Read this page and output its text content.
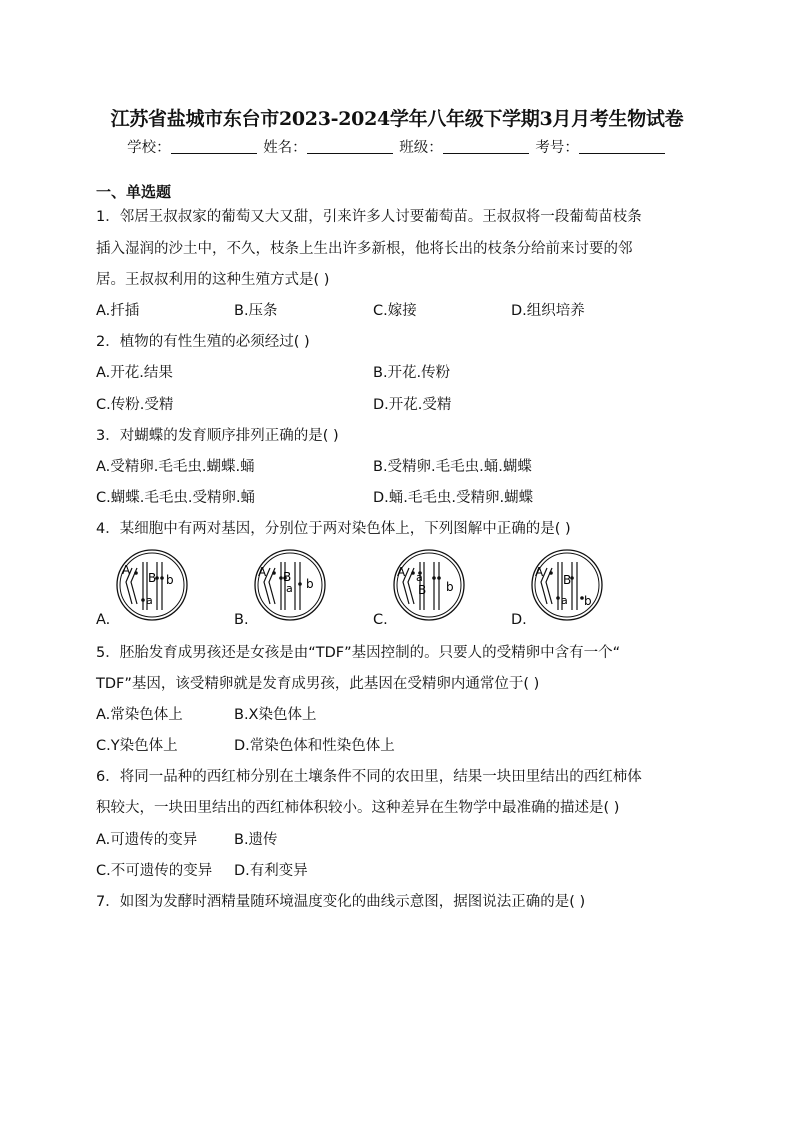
江苏省盐城市东台市2023-2024学年八年级下学期3月月考生物试卷
学校：	姓名：	班级：	考号：
一、单选题
1．邻居王叔叔家的葡萄又大又甜，引来许多人讨要葡萄苗。王叔叔将一段葡萄苗枝条
插入湿润的沙土中，不久，枝条上生出许多新根，他将长出的枝条分给前来讨要的邻
居。王叔叔利用的这种生殖方式是( )
A.扦插	B.压条	C.嫁接	D.组织培养
2．植物的有性生殖的必须经过( )
A.开花.结果	B.开花.传粉
C.传粉.受精	D.开花.受精
3．对蝴蝶的发育顺序排列正确的是( )
A.受精卵.毛毛虫.蝴蝶.蛹	B.受精卵.毛毛虫.蛹.蝴蝶
C.蝴蝶.毛毛虫.受精卵.蛹	D.蛹.毛毛虫.受精卵.蝴蝶
4．某细胞中有两对基因，分别位于两对染色体上，下列图解中正确的是( )
A.
A
a
B b
B.
A
a
B b
C.
A a
B b
D.
A
a
B
b
5．胚胎发育成男孩还是女孩是由“TDF”基因控制的。只要人的受精卵中含有一个“
TDF”基因，该受精卵就是发育成男孩，此基因在受精卵内通常位于( )
A.常染色体上	B.X染色体上
C.Y染色体上	D.常染色体和性染色体上
6．将同一品种的西红柿分别在土壤条件不同的农田里，结果一块田里结出的西红柿体
积较大，一块田里结出的西红柿体积较小。这种差异在生物学中最准确的描述是( )
A.可遗传的变异	B.遗传
C.不可遗传的变异 D.有利变异
7．如图为发酵时酒精量随环境温度变化的曲线示意图，据图说法正确的是( )
